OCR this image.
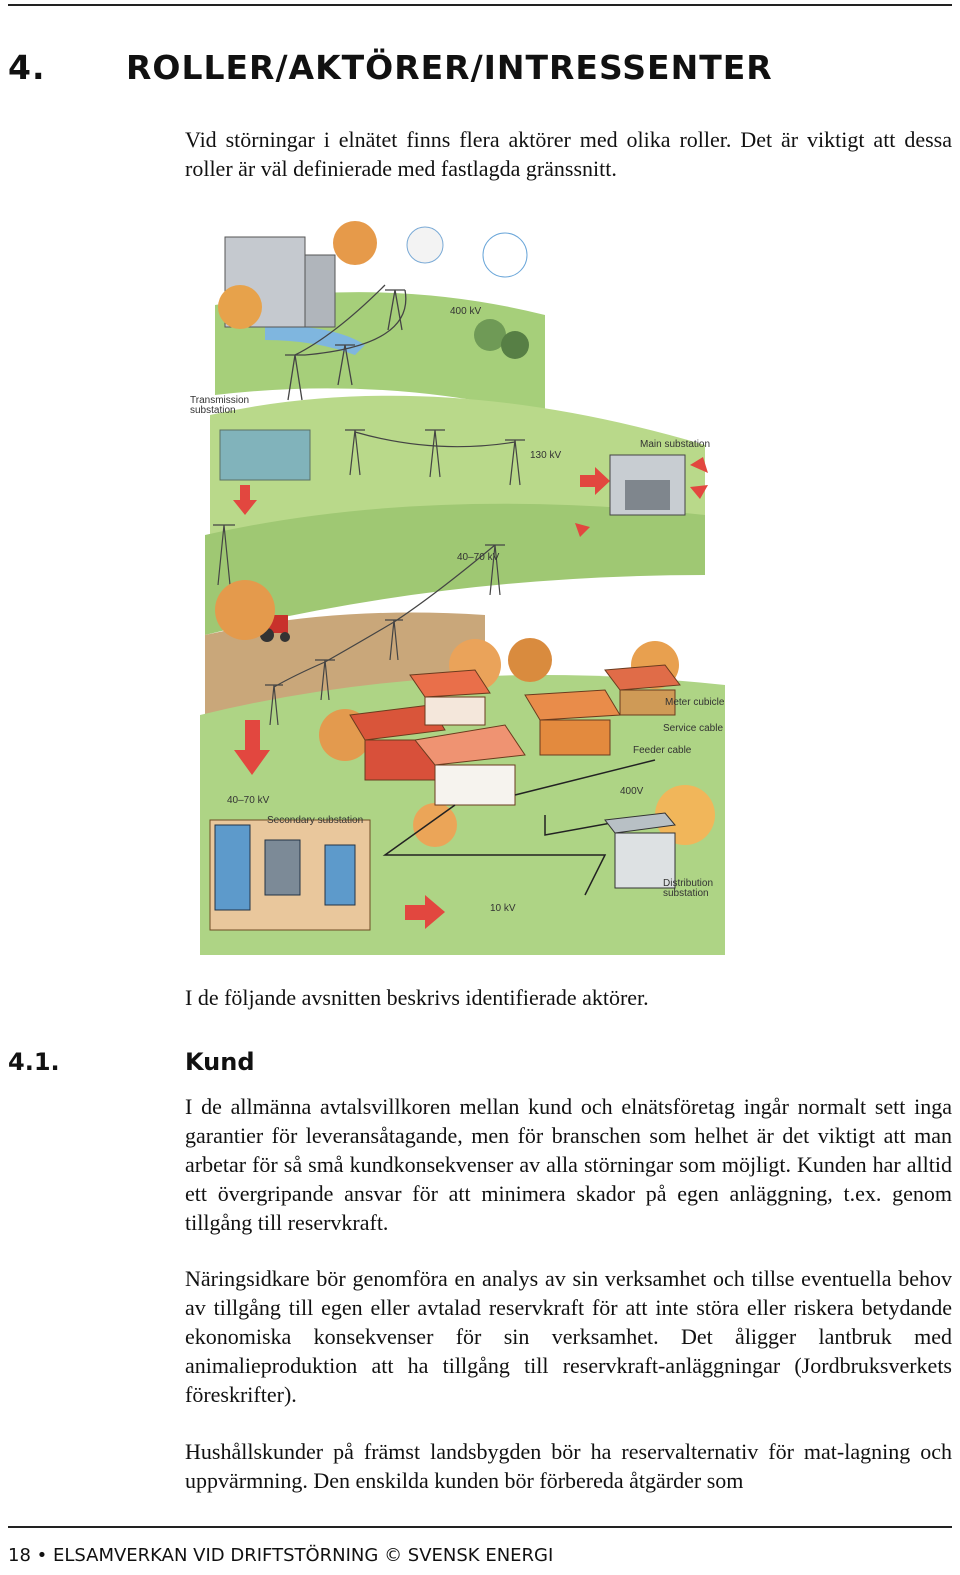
4. ROLLER/AKTÖRER/INTRESSENTER

Vid störningar i elnätet finns flera aktörer med olika roller. Det är viktigt att dessa roller är väl definierade med fastlagda gränssnitt.

400 kV
Transmission
substation
Main substation
130 kV
40–70 kV
Meter cubicle
Service cable
Feeder cable
400V
40–70 kV
Secondary substation
Distribution
substation
10 kV

I de följande avsnitten beskrivs identifierade aktörer.

4.1.	Kund

I de allmänna avtalsvillkoren mellan kund och elnätsföretag ingår normalt sett inga garantier för leveransåtagande, men för branschen som helhet är det viktigt att man arbetar för så små kundkonsekvenser av alla störningar som möjligt. Kunden har alltid ett övergripande ansvar för att minimera skador på egen anläggning, t.ex. genom tillgång till reservkraft.

Näringsidkare bör genomföra en analys av sin verksamhet och tillse eventuella behov av tillgång till egen eller avtalad reservkraft för att inte störa eller riskera betydande ekonomiska konsekvenser för sin verksamhet. Det åligger lantbruk med animalieproduktion att ha tillgång till reservkraft-anläggningar (Jordbruksverkets föreskrifter).

Hushållskunder på främst landsbygden bör ha reservalternativ för mat-lagning och uppvärmning. Den enskilda kunden bör förbereda åtgärder som

18 • ELSAMVERKAN VID DRIFTSTÖRNING © SVENSK ENERGI
